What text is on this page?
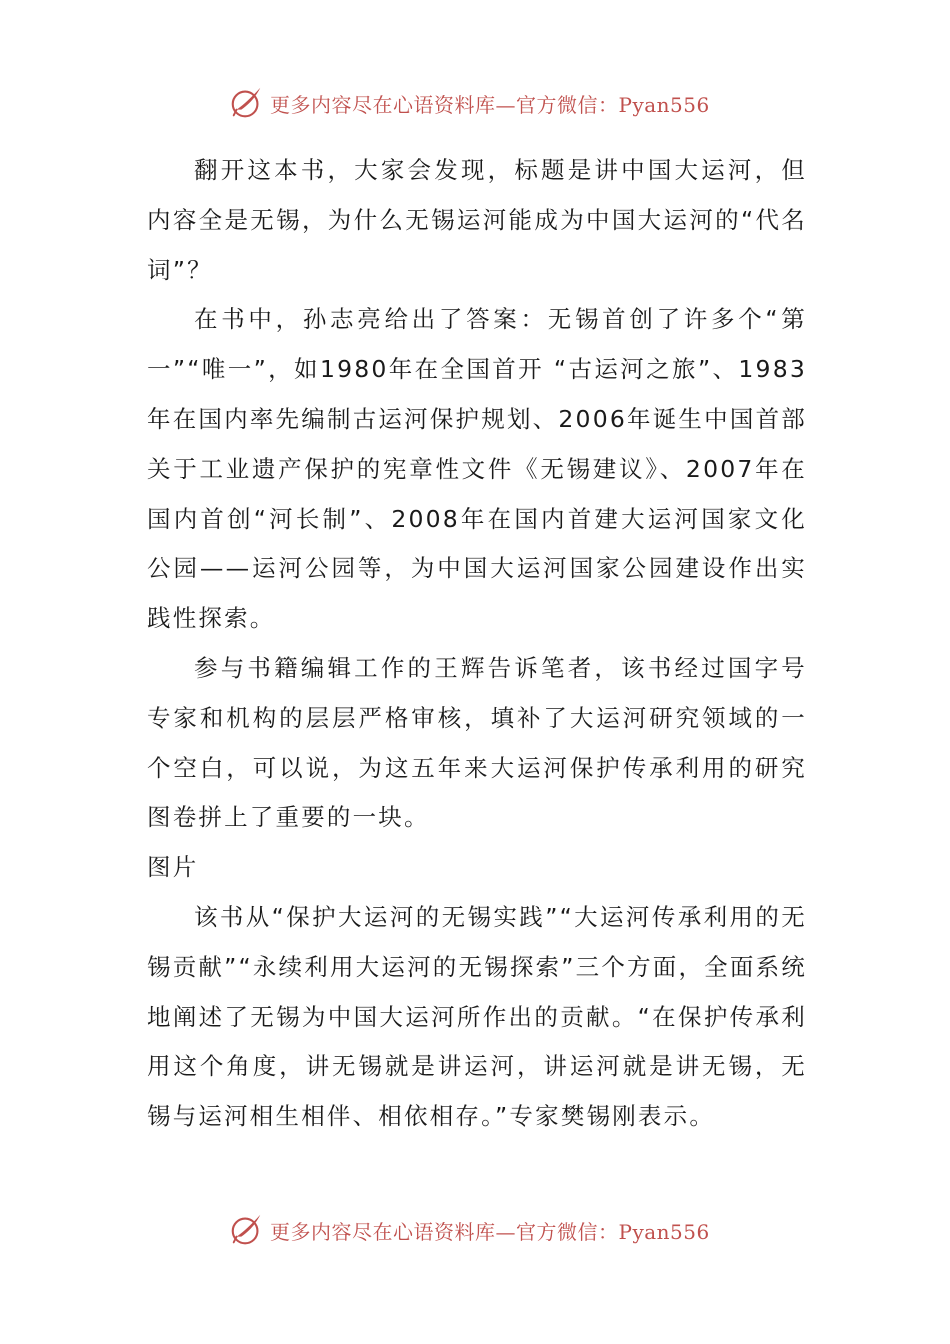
更多内容尽在心语资料库—官方微信：Pyan556

翻开这本书，大家会发现，标题是讲中国大运河，但内容全是无锡，为什么无锡运河能成为中国大运河的“代名词”？

在书中，孙志亮给出了答案：无锡首创了许多个“第一”“唯一”，如1980年在全国首开 “古运河之旅”、1983年在国内率先编制古运河保护规划、2006年诞生中国首部关于工业遗产保护的宪章性文件《无锡建议》、2007年在国内首创“河长制”、2008年在国内首建大运河国家文化公园——运河公园等，为中国大运河国家公园建设作出实践性探索。

参与书籍编辑工作的王辉告诉笔者，该书经过国字号专家和机构的层层严格审核，填补了大运河研究领域的一个空白，可以说，为这五年来大运河保护传承利用的研究图卷拼上了重要的一块。

图片

该书从“保护大运河的无锡实践”“大运河传承利用的无锡贡献”“永续利用大运河的无锡探索”三个方面，全面系统地阐述了无锡为中国大运河所作出的贡献。“在保护传承利用这个角度，讲无锡就是讲运河，讲运河就是讲无锡，无锡与运河相生相伴、相依相存。”专家樊锡刚表示。

更多内容尽在心语资料库—官方微信：Pyan556
